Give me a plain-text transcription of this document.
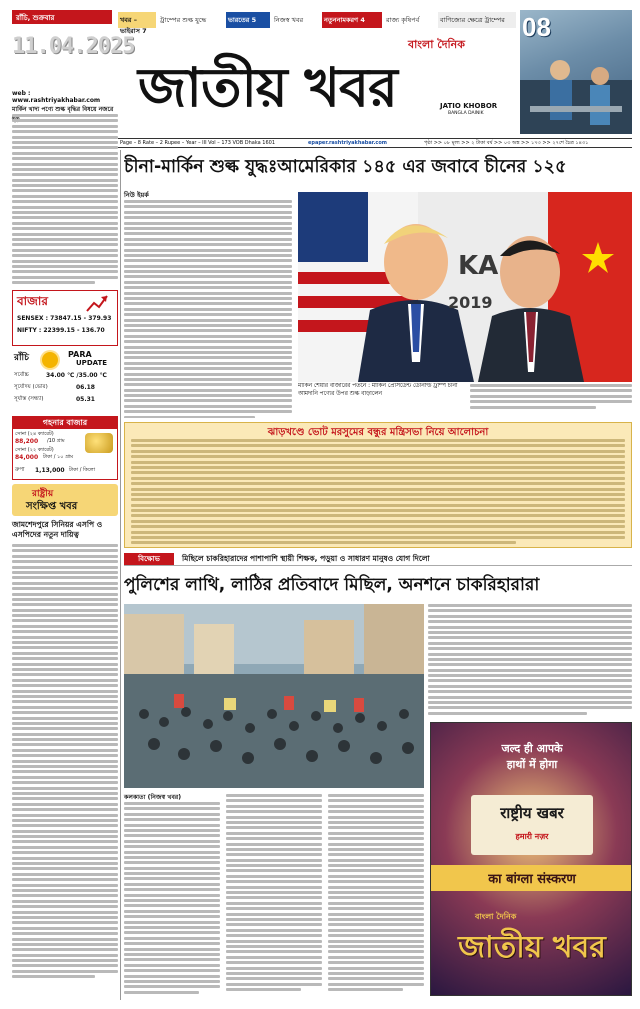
খবর – ভাইরাস 7
ট্রাম্পের শুল্ক যুদ্ধে	ভারতের 5	নিজস্ব খবর	নতুননামকরণ 4	রাজ্য কৃষিপর্ব	বাণিজ্যের ক্ষেত্রে ট্রাম্পের
রাঁচি, শুক্রবার
11.04.2025
web : www.rashtriyakhabar.com
বাংলা দৈনিক
জাতীয় খবর	JATIO KHOBOR
BANGLA DAINIK
08
Page – 8 Rate – 2 Rupee – Year – III Vol – 173 VOB Dhaka 1601	epaper.rashtriyakhabar.com	পৃষ্ঠা >> ০৮ মূল্য >> ২ টাকা বর্ষ >> ০৩ অঙ্ক >> ১৭৩ >> ২৭শে চৈত্র ১৪৩১
মার্কিন খাদ্য পণ্যে শুল্ক বৃদ্ধির বিষয়ে নজরে
বাজার
SENSEX : 73847.15 - 379.93
NIFTY : 22399.15 - 136.70
রাঁচি	PARA
UPDATE
সর্বোচ্চ	34.00 ℃ /35.00 ℃
সূর্যোদয় (ভোর)	06.18
সূর্যাস্ত (সন্ধ্যা)	05.31
গহনার বাজার
সোনা (২৪ ক্যারেট)
88,200 /10 গ্রাম
সোনা (২২ ক্যারেট)
84,000 টাকা / ১০ গ্রাম
রুপা 1,13,000 টাকা / কিলো
রাষ্ট্রীয়
সংক্ষিপ্ত খবর
জামশেদপুরে সিনিয়র এসপি ও এসপিদের নতুন দায়িত্ব
চীনা-মার্কিন শুল্ক যুদ্ধঃআমেরিকার ১৪৫ এর জবাবে চীনের ১২৫
নিউ ইয়র্ক
KA
2019
মার্কিন শেয়ার বাজারের পতনে : মার্কিন প্রেসিডেন্ট ডোনাল্ড ট্রাম্প চীনা আমদানি পণ্যের উপর শুল্ক বাড়ালেন
ঝাড়খণ্ডে ভোট মরসুমের বন্ধুর মন্ত্রিসভা নিয়ে আলোচনা
বিক্ষোভ	মিছিলে চাকরিহারাদের পাশাপাশি স্থায়ী শিক্ষক, পড়ুয়া ও সাধারণ মানুষও যোগ দিলো
পুলিশের লাথি, লাঠির প্রতিবাদে মিছিল, অনশনে চাকরিহারারা
কলকাতা (নিজস্ব খবর)
जल्द ही आपके
हाथों में होगा
राष्ट्रीय खबर
हमारी नज़र
का बांग्ला संस्करण
বাংলা দৈনিক
জাতীয় খবর
